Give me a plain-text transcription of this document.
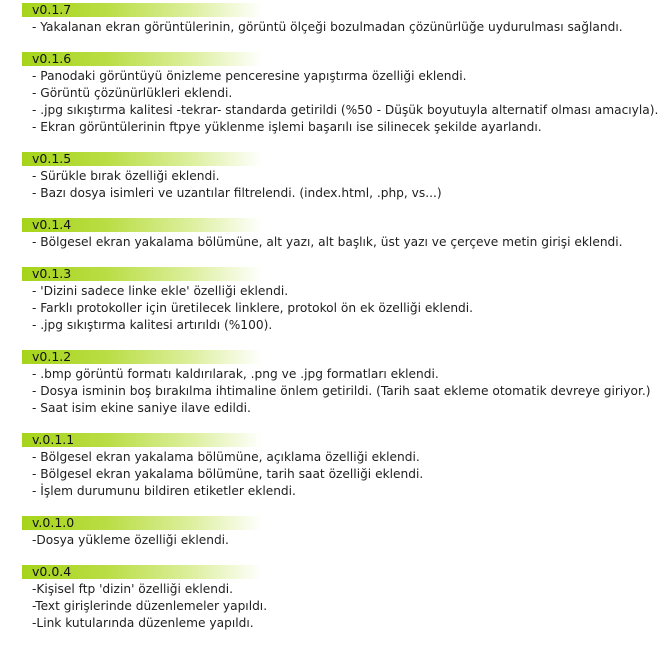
v0.1.7
- Yakalanan ekran görüntülerinin, görüntü ölçeği bozulmadan çözünürlüğe uydurulması sağlandı.
v0.1.6
- Panodaki görüntüyü önizleme penceresine yapıştırma özelliği eklendi.
- Görüntü çözünürlükleri eklendi.
- .jpg sıkıştırma kalitesi -tekrar- standarda getirildi (%50 - Düşük boyutuyla alternatif olması amacıyla).
- Ekran görüntülerinin ftpye yüklenme işlemi başarılı ise silinecek şekilde ayarlandı.
v0.1.5
- Sürükle bırak özelliği eklendi.
- Bazı dosya isimleri ve uzantılar filtrelendi. (index.html, .php, vs...)
v0.1.4
- Bölgesel ekran yakalama bölümüne, alt yazı, alt başlık, üst yazı ve çerçeve metin girişi eklendi.
v0.1.3
- 'Dizini sadece linke ekle' özelliği eklendi.
- Farklı protokoller için üretilecek linklere, protokol ön ek özelliği eklendi.
- .jpg sıkıştırma kalitesi artırıldı (%100).
v0.1.2
- .bmp görüntü formatı kaldırılarak, .png ve .jpg formatları eklendi.
- Dosya isminin boş bırakılma ihtimaline önlem getirildi. (Tarih saat ekleme otomatik devreye giriyor.)
- Saat isim ekine saniye ilave edildi.
v.0.1.1
- Bölgesel ekran yakalama bölümüne, açıklama özelliği eklendi.
- Bölgesel ekran yakalama bölümüne, tarih saat özelliği eklendi.
- İşlem durumunu bildiren etiketler eklendi.
v.0.1.0
-Dosya yükleme özelliği eklendi.
v0.0.4
-Kişisel ftp 'dizin' özelliği eklendi.
-Text girişlerinde düzenlemeler yapıldı.
-Link kutularında düzenleme yapıldı.
